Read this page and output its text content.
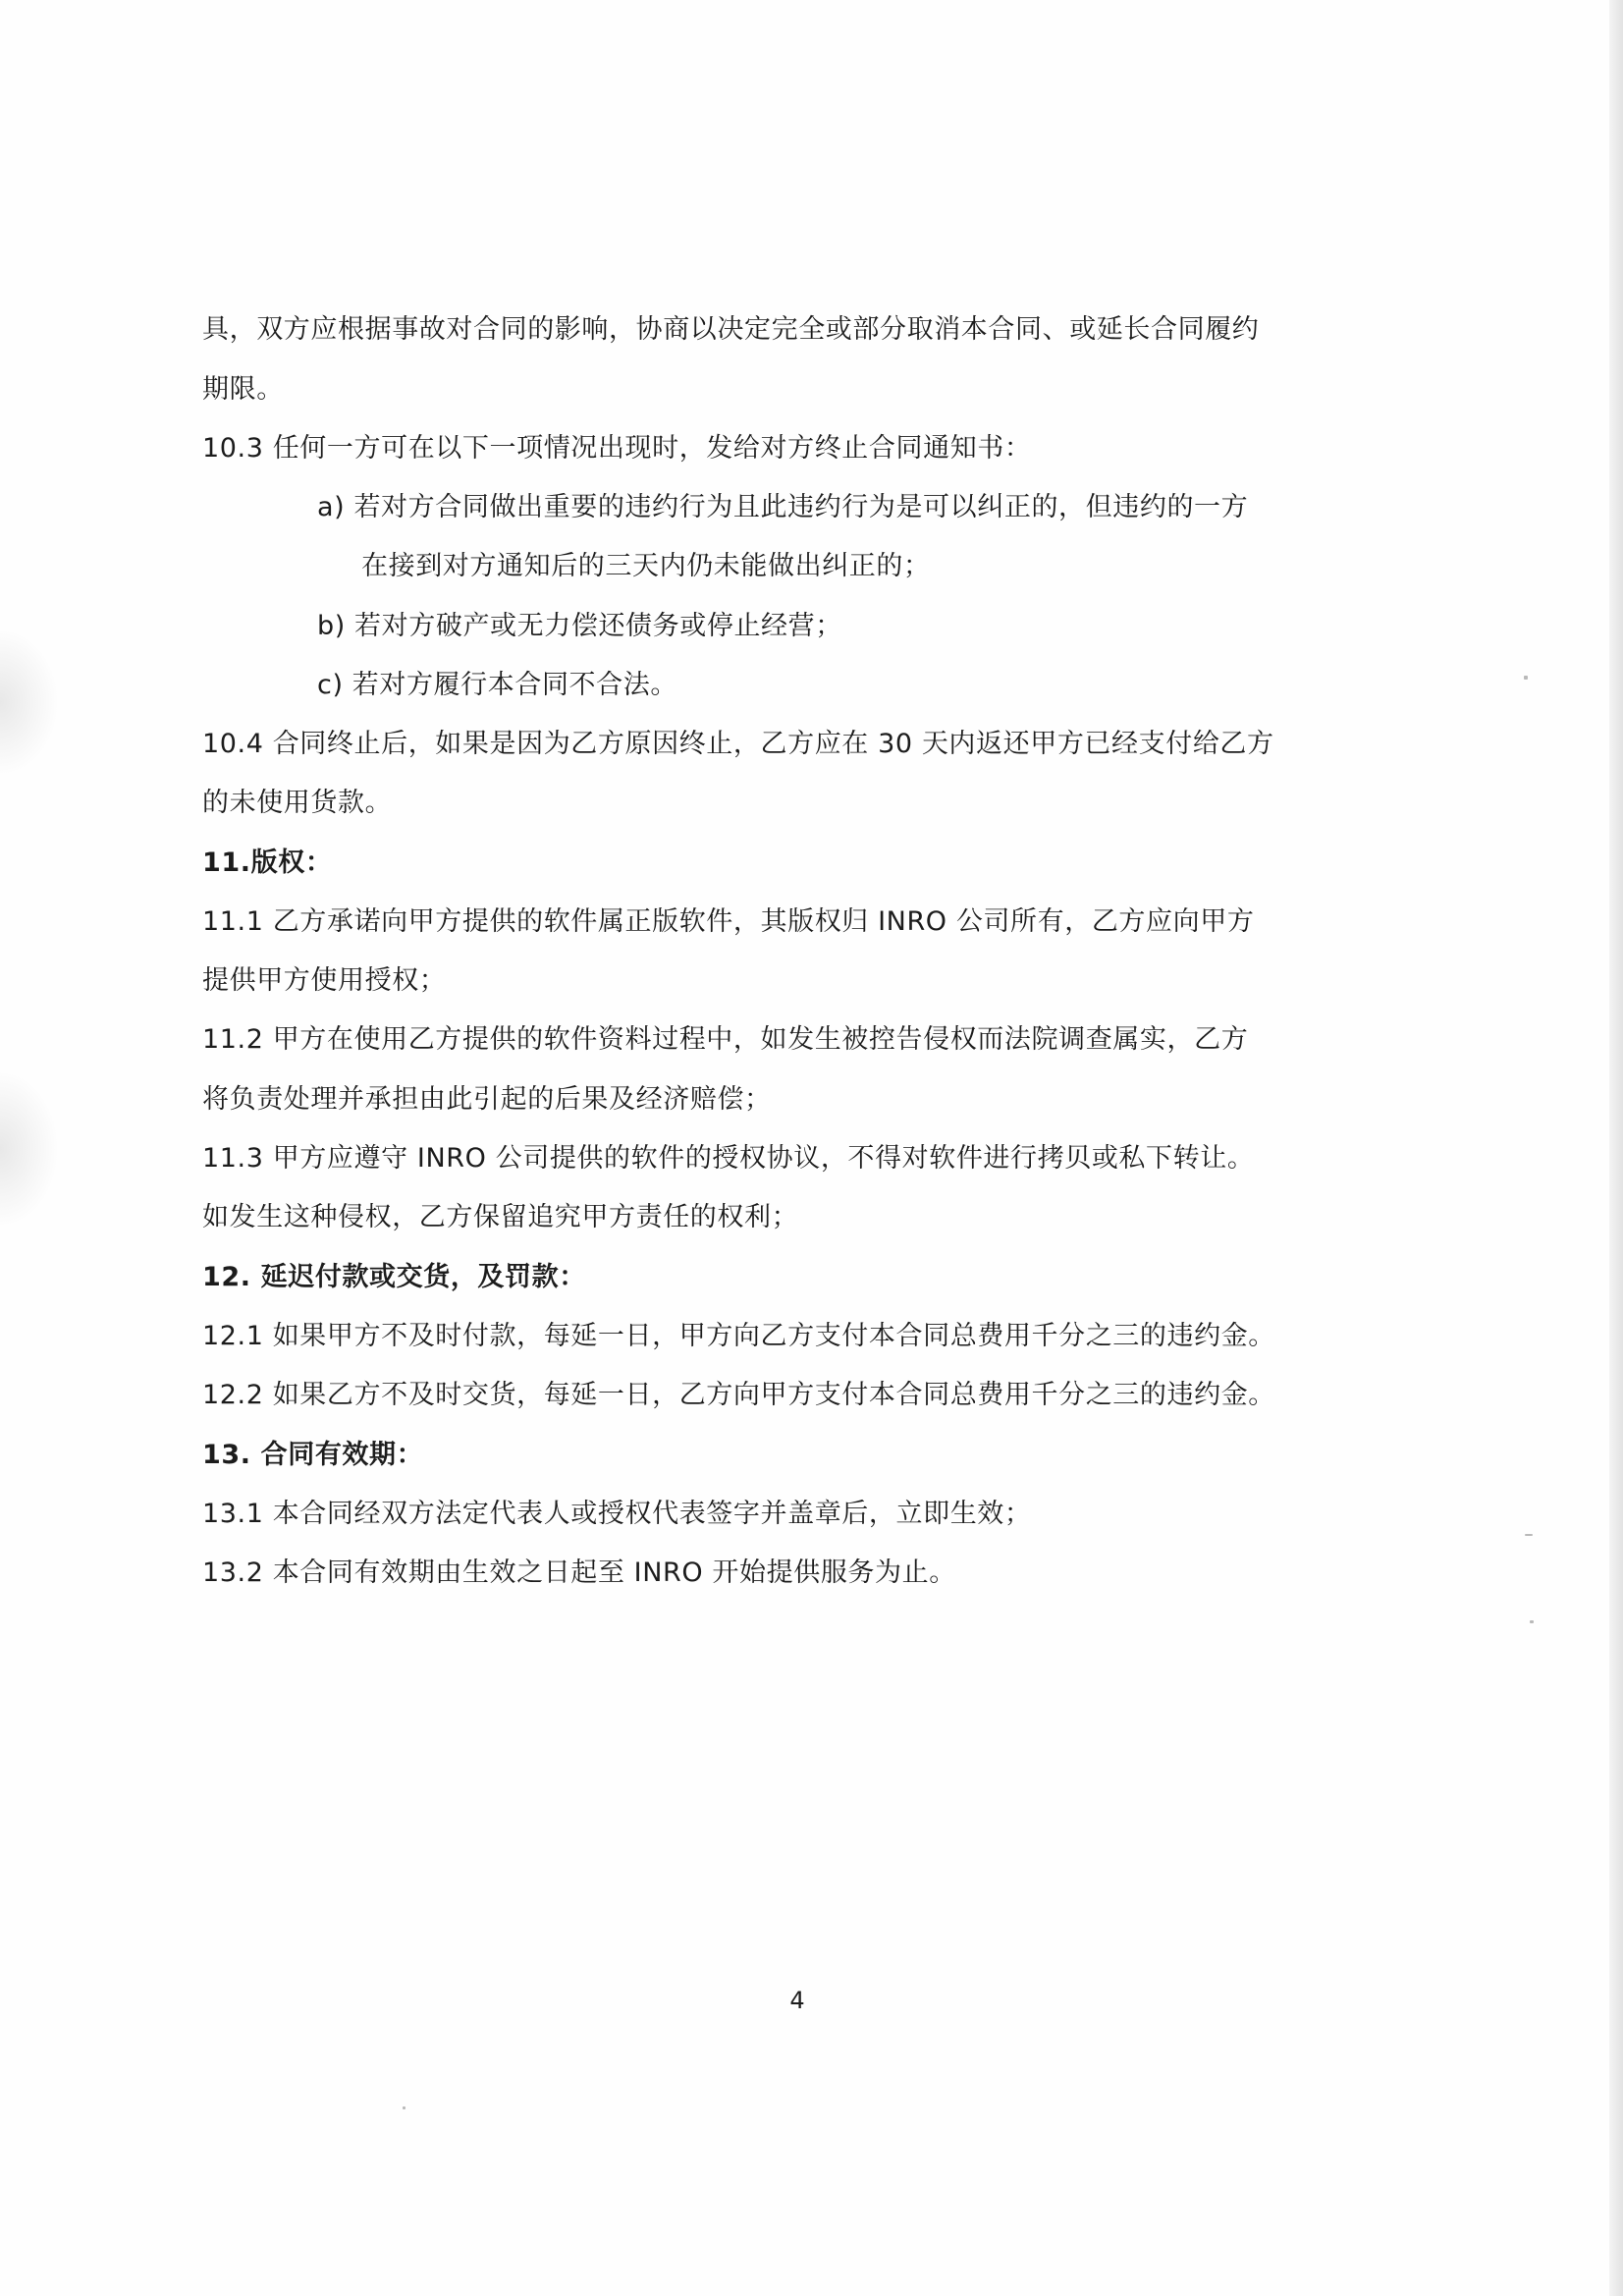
具，双方应根据事故对合同的影响，协商以决定完全或部分取消本合同、或延长合同履约
期限。
10.3 任何一方可在以下一项情况出现时，发给对方终止合同通知书：
a) 若对方合同做出重要的违约行为且此违约行为是可以纠正的，但违约的一方
在接到对方通知后的三天内仍未能做出纠正的；
b) 若对方破产或无力偿还债务或停止经营；
c) 若对方履行本合同不合法。
10.4 合同终止后，如果是因为乙方原因终止，乙方应在 30 天内返还甲方已经支付给乙方
的未使用货款。
11.版权：
11.1 乙方承诺向甲方提供的软件属正版软件，其版权归 INRO 公司所有，乙方应向甲方
提供甲方使用授权；
11.2 甲方在使用乙方提供的软件资料过程中，如发生被控告侵权而法院调查属实，乙方
将负责处理并承担由此引起的后果及经济赔偿；
11.3 甲方应遵守 INRO 公司提供的软件的授权协议，不得对软件进行拷贝或私下转让。
如发生这种侵权，乙方保留追究甲方责任的权利；
12. 延迟付款或交货，及罚款：
12.1 如果甲方不及时付款，每延一日，甲方向乙方支付本合同总费用千分之三的违约金。
12.2 如果乙方不及时交货，每延一日，乙方向甲方支付本合同总费用千分之三的违约金。
13. 合同有效期：
13.1 本合同经双方法定代表人或授权代表签字并盖章后，立即生效；
13.2 本合同有效期由生效之日起至 INRO 开始提供服务为止。
4
